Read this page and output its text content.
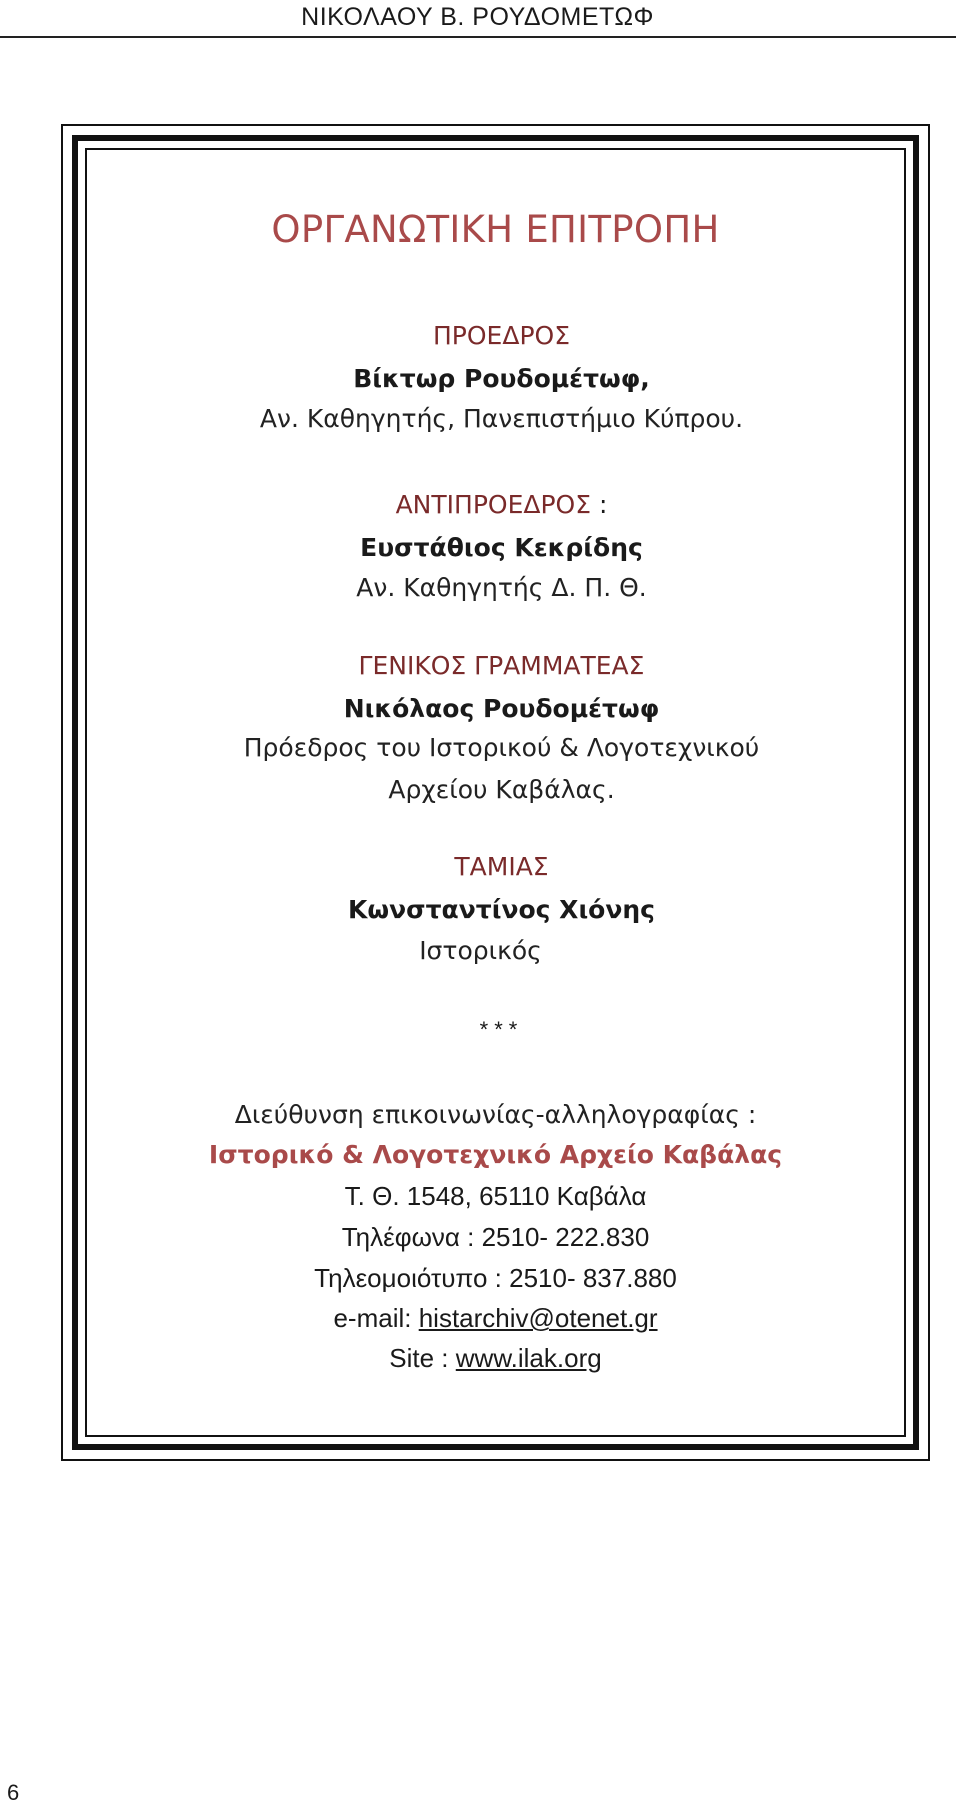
ΝΙΚΟΛΑΟΥ Β. ΡΟΥΔΟΜΕΤΩΦ
ΟΡΓΑΝΩΤΙΚΗ ΕΠΙΤΡΟΠΗ
ΠΡΟΕΔΡΟΣ
Βίκτωρ Ρουδομέτωφ,
Αν. Καθηγητής, Πανεπιστήμιο Κύπρου.
ΑΝΤΙΠΡΟΕΔΡΟΣ :
Ευστάθιος Κεκρίδης
Αν. Καθηγητής Δ. Π. Θ.
ΓΕΝΙΚΟΣ ΓΡΑΜΜΑΤΕΑΣ
Νικόλαος Ρουδομέτωφ
Πρόεδρος του Ιστορικού & Λογοτεχνικού
Αρχείου Καβάλας.
ΤΑΜΙΑΣ
Κωνσταντίνος Χιόνης
Ιστορικός
***
Διεύθυνση επικοινωνίας-αλληλογραφίας :
Ιστορικό & Λογοτεχνικό Αρχείο Καβάλας
Τ. Θ. 1548, 65110 Καβάλα
Τηλέφωνα : 2510- 222.830
Τηλεομοιότυπο : 2510- 837.880
e-mail: histarchiv@otenet.gr
Site : www.ilak.org
6
